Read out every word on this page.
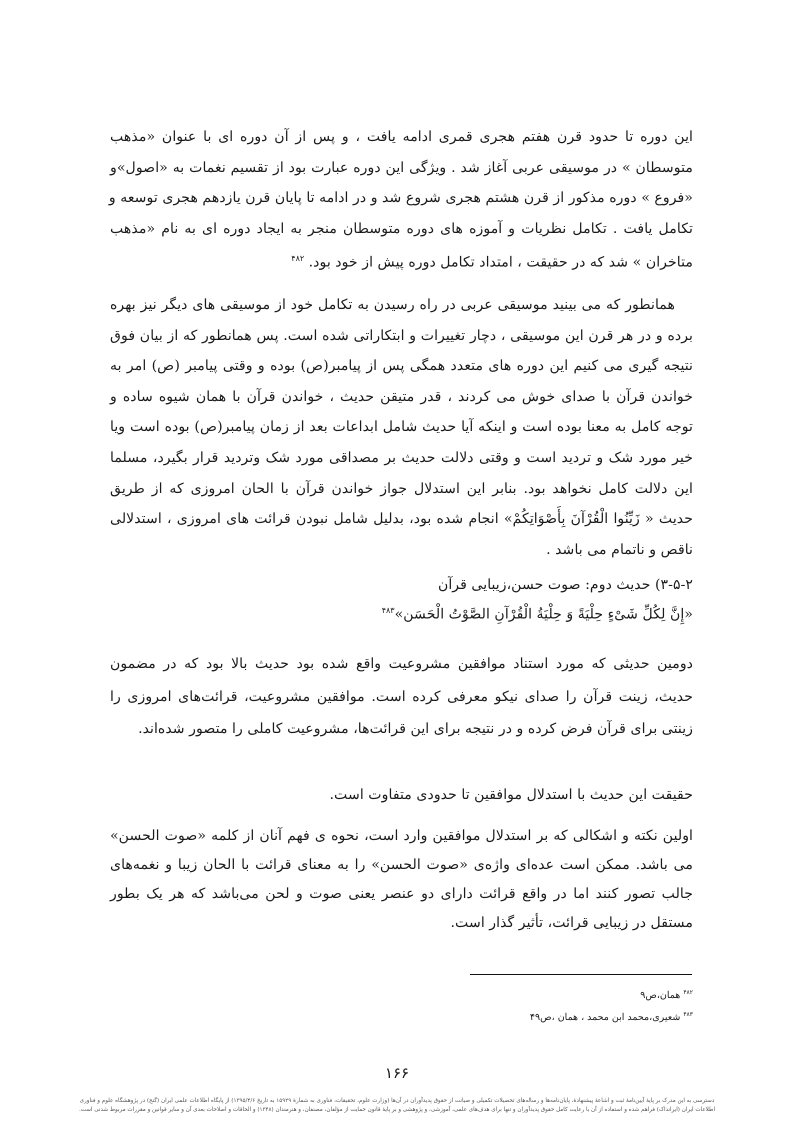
این دوره تا حدود قرن هفتم هجری قمری ادامه یافت ، و پس از آن دوره ای با عنوان «مذهب
متوسطان » در موسیقی عربی آغاز شد . ویژگی این دوره عبارت بود از تقسیم نغمات به «اصول»و
«فروع » دوره مذکور از قرن هشتم هجری شروع شد و در ادامه تا پایان قرن یازدهم هجری توسعه و
تکامل یافت . تکامل نظریات و آموزه های دوره متوسطان منجر به ایجاد دوره ای به نام «مذهب
متاخران » شد که در حقیقت ، امتداد تکامل دوره پیش از خود بود. $^{۴۸۲}$
همانطور که می بینید موسیقی عربی در راه رسیدن به تکامل خود از موسیقی های دیگر نیز بهره
برده و در هر قرن این موسیقی ، دچار تغییرات و ابتکاراتی شده است. پس همانطور که از بیان فوق
نتیجه گیری می کنیم این دوره های متعدد همگی پس از پیامبر(ص) بوده و وقتی پیامبر (ص) امر به
خواندن قرآن با صدای خوش می کردند ، قدر متیقن حدیث ، خواندن قرآن با همان شیوه ساده و
توجه کامل به معنا بوده است و اینکه آیا حدیث شامل ابداعات بعد از زمان پیامبر(ص) بوده است ویا
خیر مورد شک و تردید است و وقتی دلالت حدیث بر مصداقی مورد شک وتردید قرار بگیرد، مسلما
این دلالت کامل نخواهد بود. بنابر این استدلال جواز خواندن قرآن با الحان امروزی که از طریق
حدیث « زَیِّنُوا الْقُرْآنَ بِأَصْوَاتِكُمْ» انجام شده بود، بدلیل شامل نبودن قرائت های امروزی ، استدلالی
ناقص و ناتمام می باشد .
۳-۵-۲) حدیث دوم: صوت حسن،زیبایی قرآن
«إِنَّ لِكُلِّ شَیْ‏ءٍ حِلْیَةً وَ حِلْیَةُ الْقُرْآنِ الصَّوْتُ الْحَسَن»$^{۴۸۳}$
دومین حدیثی که مورد استناد موافقین مشروعیت واقع شده بود حدیث بالا بود که در مضمون
حدیث، زینت قرآن را صدای نیکو معرفی کرده است. موافقین مشروعیت، قرائت‌های امروزی را
زینتی برای قرآن فرض کرده و در نتیجه برای این قرائت‌ها، مشروعیت کاملی را متصور شده‌اند.
حقیقت این حدیث با استدلال موافقین تا حدودی متفاوت است.
اولین نکته و اشکالی که بر استدلال موافقین وارد است، نحوه ی فهم آنان از کلمه «صوت الحسن»
می باشد. ممکن است عده‌ای واژه‌ی «صوت الحسن» را به معنای قرائت با الحان زیبا و نغمه‌های
جالب تصور کنند اما در واقع قرائت دارای دو عنصر یعنی صوت و لحن می‌باشد که هر یک بطور
مستقل در زیبایی قرائت، تأثیر گذار است.
$^{۴۸۲}$ همان،ص۹
$^{۴۸۳}$ شعیری،محمد ابن محمد ، همان ،ص۴۹
۱۶۶
دسترسی به این مدرک بر پایهٔ آیین‌نامهٔ ثبت و اشاعهٔ پیشنهادهٔ، پایان‌نامه‌ها و رساله‌های تحصیلات تکمیلی و صیانت از حقوق پدیدآوران در آن‌ها (وزارت علوم، تحقیقات، فناوری به شمارهٔ ۱۵۹۲۹ به تاریخ ۱۳۹۵/۴/۶) از پایگاه اطلاعات علمی ایران (گنج) در پژوهشگاه علوم و فناوری
اطلاعات ایران (ایرانداک) فراهم شده و استفاده از آن با رعایت کامل حقوق پدیدآوران و تنها برای هدف‌های علمی، آموزشی، و پژوهشی و بر پایهٔ قانون حمایت از مؤلفان، مصنفان، و هنرمندان (۱۳۴۸) و الحاقات و اصلاحات بعدی آن و سایر قوانین و مقررات مربوط شدنی است.
